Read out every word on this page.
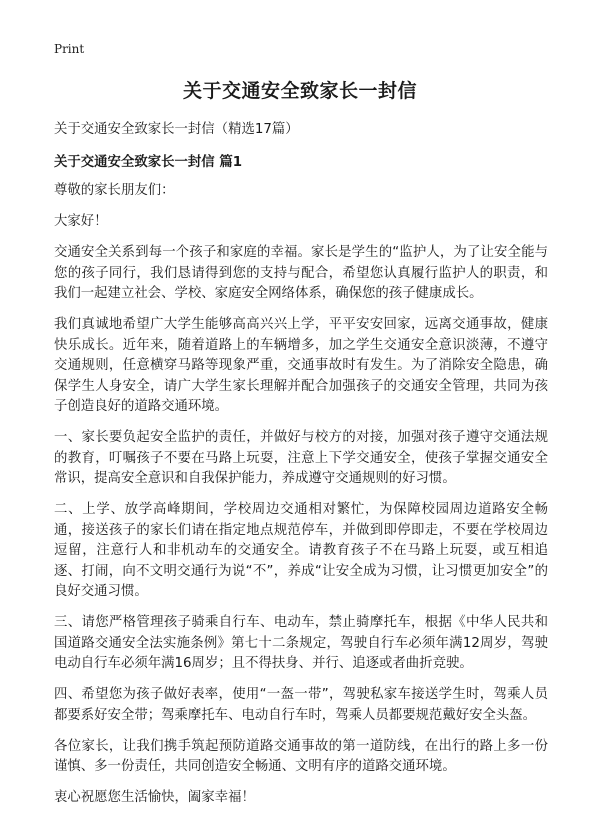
Print
关于交通安全致家长一封信
关于交通安全致家长一封信（精选17篇）
关于交通安全致家长一封信 篇1

尊敬的家长朋友们：

大家好！

交通安全关系到每一个孩子和家庭的幸福。家长是学生的“监护人，为了让安全能与您的孩子同行，我们恳请得到您的支持与配合，希望您认真履行监护人的职责，和我们一起建立社会、学校、家庭安全网络体系，确保您的孩子健康成长。

我们真诚地希望广大学生能够高高兴兴上学，平平安安回家，远离交通事故，健康快乐成长。近年来，随着道路上的车辆增多，加之学生交通安全意识淡薄，不遵守交通规则，任意横穿马路等现象严重，交通事故时有发生。为了消除安全隐患，确保学生人身安全，请广大学生家长理解并配合加强孩子的交通安全管理，共同为孩子创造良好的道路交通环境。

一、家长要负起安全监护的责任，并做好与校方的对接，加强对孩子遵守交通法规的教育，叮嘱孩子不要在马路上玩耍，注意上下学交通安全，使孩子掌握交通安全常识，提高安全意识和自我保护能力，养成遵守交通规则的好习惯。

二、上学、放学高峰期间，学校周边交通相对繁忙，为保障校园周边道路安全畅通，接送孩子的家长们请在指定地点规范停车，并做到即停即走，不要在学校周边逗留，注意行人和非机动车的交通安全。请教育孩子不在马路上玩耍，或互相追逐、打闹，向不文明交通行为说“不”，养成“让安全成为习惯，让习惯更加安全”的良好交通习惯。

三、请您严格管理孩子骑乘自行车、电动车，禁止骑摩托车，根据《中华人民共和国道路交通安全法实施条例》第七十二条规定，驾驶自行车必须年满12周岁，驾驶电动自行车必须年满16周岁；且不得扶身、并行、追逐或者曲折竞驶。

四、希望您为孩子做好表率，使用“一盔一带”，驾驶私家车接送学生时，驾乘人员都要系好安全带；驾乘摩托车、电动自行车时，驾乘人员都要规范戴好安全头盔。

各位家长，让我们携手筑起预防道路交通事故的第一道防线，在出行的路上多一份谨慎、多一份责任，共同创造安全畅通、文明有序的道路交通环境。

衷心祝愿您生活愉快，阖家幸福！
